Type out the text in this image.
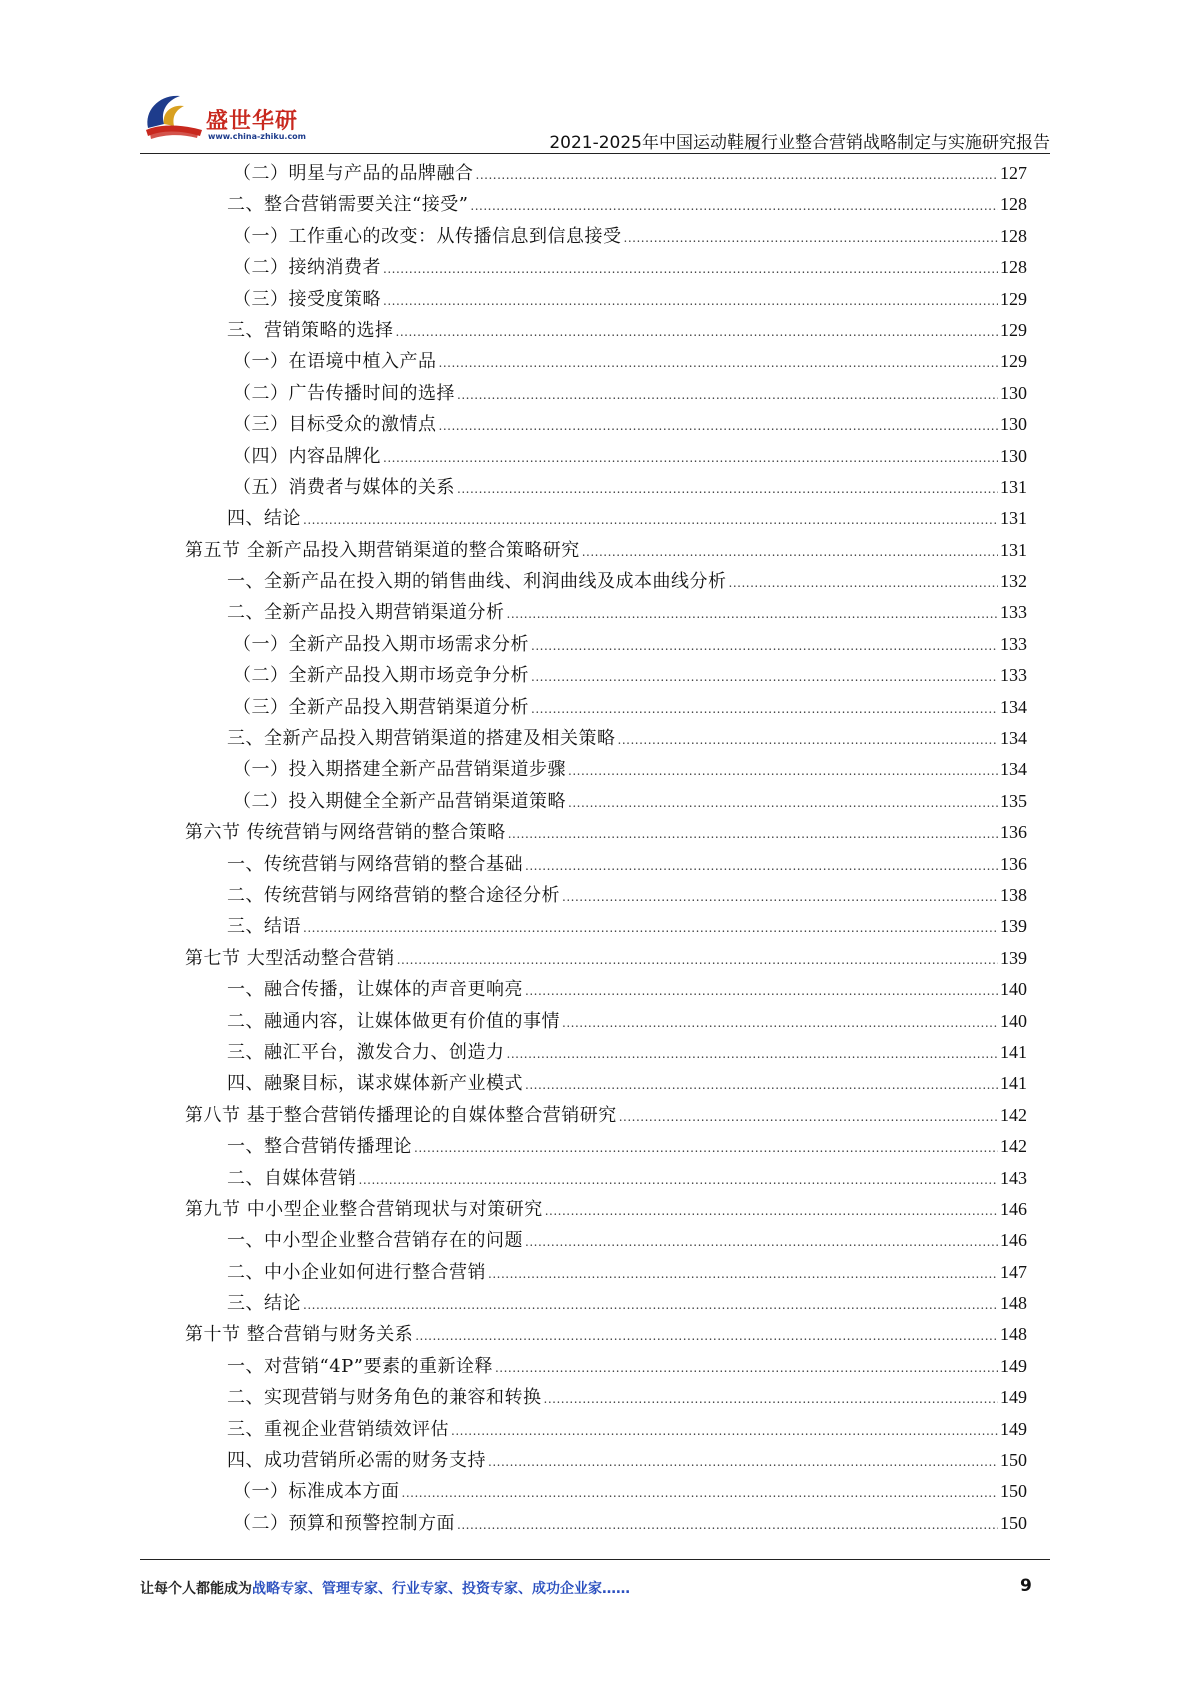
盛世华研
www.china-zhiku.com	2021-2025年中国运动鞋履行业整合营销战略制定与实施研究报告
（二）明星与产品的品牌融合 .....	127
二、整合营销需要关注“接受” .....	128
（一）工作重心的改变：从传播信息到信息接受 .....	128
（二）接纳消费者 .....	128
（三）接受度策略 .....	129
三、营销策略的选择 .....	129
（一）在语境中植入产品 .....	129
（二）广告传播时间的选择 .....	130
（三）目标受众的激情点 .....	130
（四）内容品牌化 .....	130
（五）消费者与媒体的关系 .....	131
四、结论 .....	131
第五节 全新产品投入期营销渠道的整合策略研究 .....	131
一、全新产品在投入期的销售曲线、利润曲线及成本曲线分析 .....	132
二、全新产品投入期营销渠道分析 .....	133
（一）全新产品投入期市场需求分析 .....	133
（二）全新产品投入期市场竞争分析 .....	133
（三）全新产品投入期营销渠道分析 .....	134
三、全新产品投入期营销渠道的搭建及相关策略 .....	134
（一）投入期搭建全新产品营销渠道步骤 .....	134
（二）投入期健全全新产品营销渠道策略 .....	135
第六节 传统营销与网络营销的整合策略 .....	136
一、传统营销与网络营销的整合基础 .....	136
二、传统营销与网络营销的整合途径分析 .....	138
三、结语 .....	139
第七节 大型活动整合营销 .....	139
一、融合传播，让媒体的声音更响亮 .....	140
二、融通内容，让媒体做更有价值的事情 .....	140
三、融汇平台，激发合力、创造力 .....	141
四、融聚目标，谋求媒体新产业模式 .....	141
第八节 基于整合营销传播理论的自媒体整合营销研究 .....	142
一、整合营销传播理论 .....	142
二、自媒体营销 .....	143
第九节 中小型企业整合营销现状与对策研究 .....	146
一、中小型企业整合营销存在的问题 .....	146
二、中小企业如何进行整合营销 .....	147
三、结论 .....	148
第十节 整合营销与财务关系 .....	148
一、对营销“4P”要素的重新诠释 .....	149
二、实现营销与财务角色的兼容和转换 .....	149
三、重视企业营销绩效评估 .....	149
四、成功营销所必需的财务支持 .....	150
（一）标准成本方面 .....	150
（二）预算和预警控制方面 .....	150
让每个人都能成为战略专家、管理专家、行业专家、投资专家、成功企业家……	9
